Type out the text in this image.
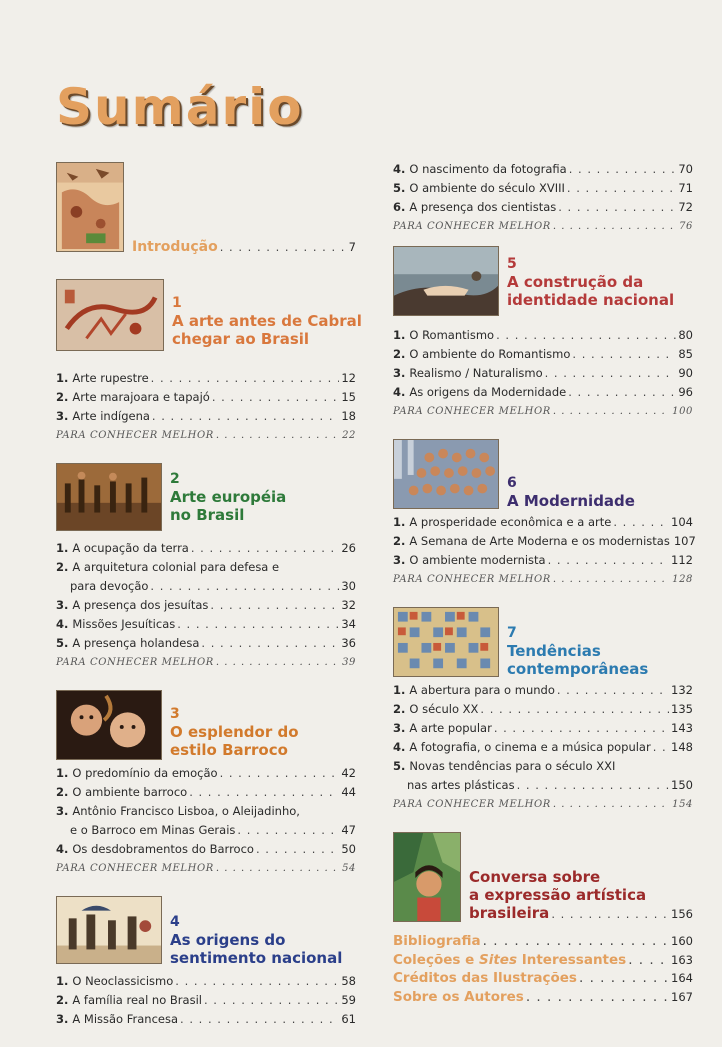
Sumário
Introdução . . .	7
1
A arte antes de Cabral
chegar ao Brasil
1. Arte rupestre . . .	12
2. Arte marajoara e tapajó . . .	15
3. Arte indígena . . .	18
PARA CONHECER MELHOR . . .	22
2
Arte européia
no Brasil
1. A ocupação da terra . . .	26
2. A arquitetura colonial para defesa e
para devoção . . .	30
3. A presença dos jesuítas . . .	32
4. Missões Jesuíticas . . .	34
5. A presença holandesa . . .	36
PARA CONHECER MELHOR . . .	39
3
O esplendor do
estilo Barroco
1. O predomínio da emoção . . .	42
2. O ambiente barroco . . .	44
3. Antônio Francisco Lisboa, o Aleijadinho,
e o Barroco em Minas Gerais . . .	47
4. Os desdobramentos do Barroco . . .	50
PARA CONHECER MELHOR . . .	54
4
As origens do
sentimento nacional
1. O Neoclassicismo . . .	58
2. A família real no Brasil . . .	59
3. A Missão Francesa . . .	61
4. O nascimento da fotografia . . .	70
5. O ambiente do século XVIII . . .	71
6. A presença dos cientistas . . .	72
PARA CONHECER MELHOR . . .	76
5
A construção da
identidade nacional
1. O Romantismo . . .	80
2. O ambiente do Romantismo . . .	85
3. Realismo / Naturalismo . . .	90
4. As origens da Modernidade . . .	96
PARA CONHECER MELHOR . . .	100
6
A Modernidade
1. A prosperidade econômica e a arte . . .	104
2. A Semana de Arte Moderna e os modernistas 107
3. O ambiente modernista . . .	112
PARA CONHECER MELHOR . . .	128
7
Tendências
contemporâneas
1. A abertura para o mundo . . .	132
2. O século XX . . .	135
3. A arte popular . . .	143
4. A fotografia, o cinema e a música popular . . . 148
5. Novas tendências para o século XXI
nas artes plásticas . . .	150
PARA CONHECER MELHOR . . .	154
Conversa sobre
a expressão artística
brasileira . . .	156
Bibliografia . . .	160
Coleções e Sites Interessantes . . .	163
Créditos das Ilustrações . . .	164
Sobre os Autores . . .	167
